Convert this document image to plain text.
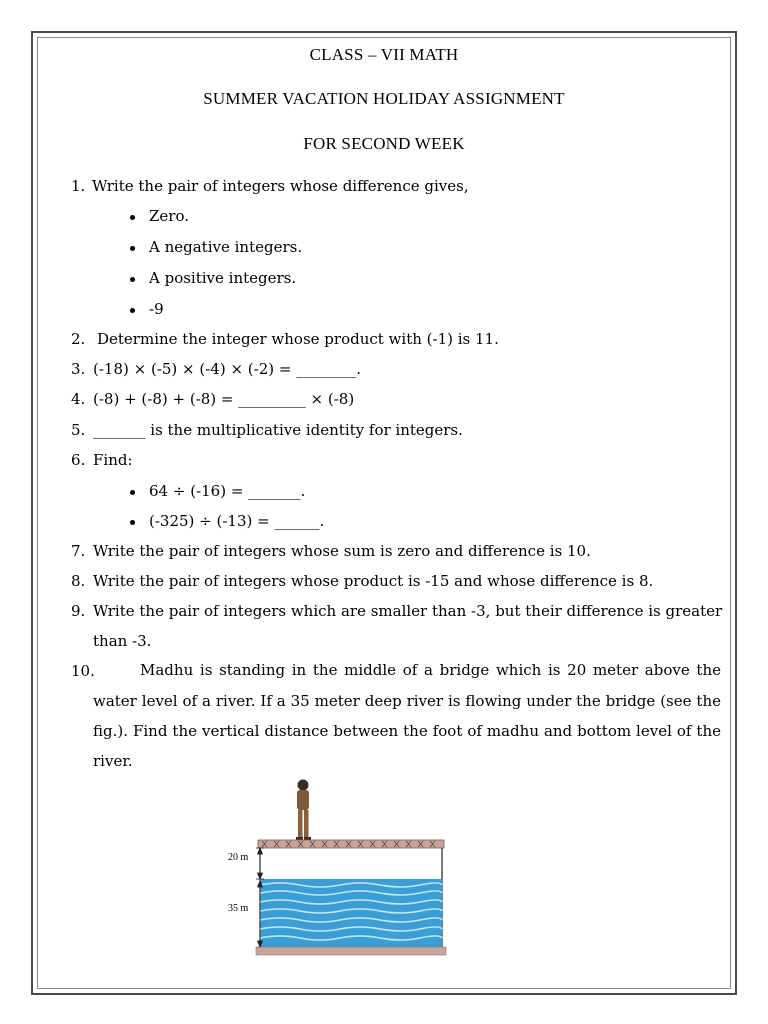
CLASS – VII MATH
SUMMER VACATION HOLIDAY ASSIGNMENT
FOR SECOND WEEK
1. Write the pair of integers whose difference gives,
Zero.
A negative integers.
A positive integers.
-9
2. Determine the integer whose product with (-1) is 11.
3. (-18) × (-5) × (-4) × (-2) = ________.
4. (-8) + (-8) + (-8) = _________ × (-8)
5. _______ is the multiplicative identity for integers.
6. Find:
64 ÷ (-16) = _______.
(-325) ÷ (-13) = ______.
7. Write the pair of integers whose sum is zero and difference is 10.
8. Write the pair of integers whose product is -15 and whose difference is 8.
9. Write the pair of integers which are smaller than -3, but their difference is greater
than -3.
10.	Madhu is standing in the middle of a bridge which is 20 meter above the
water level of a river. If a 35 meter deep river is flowing under the bridge (see the
fig.). Find the vertical distance between the foot of madhu and bottom level of the
river.
20 m
35 m
